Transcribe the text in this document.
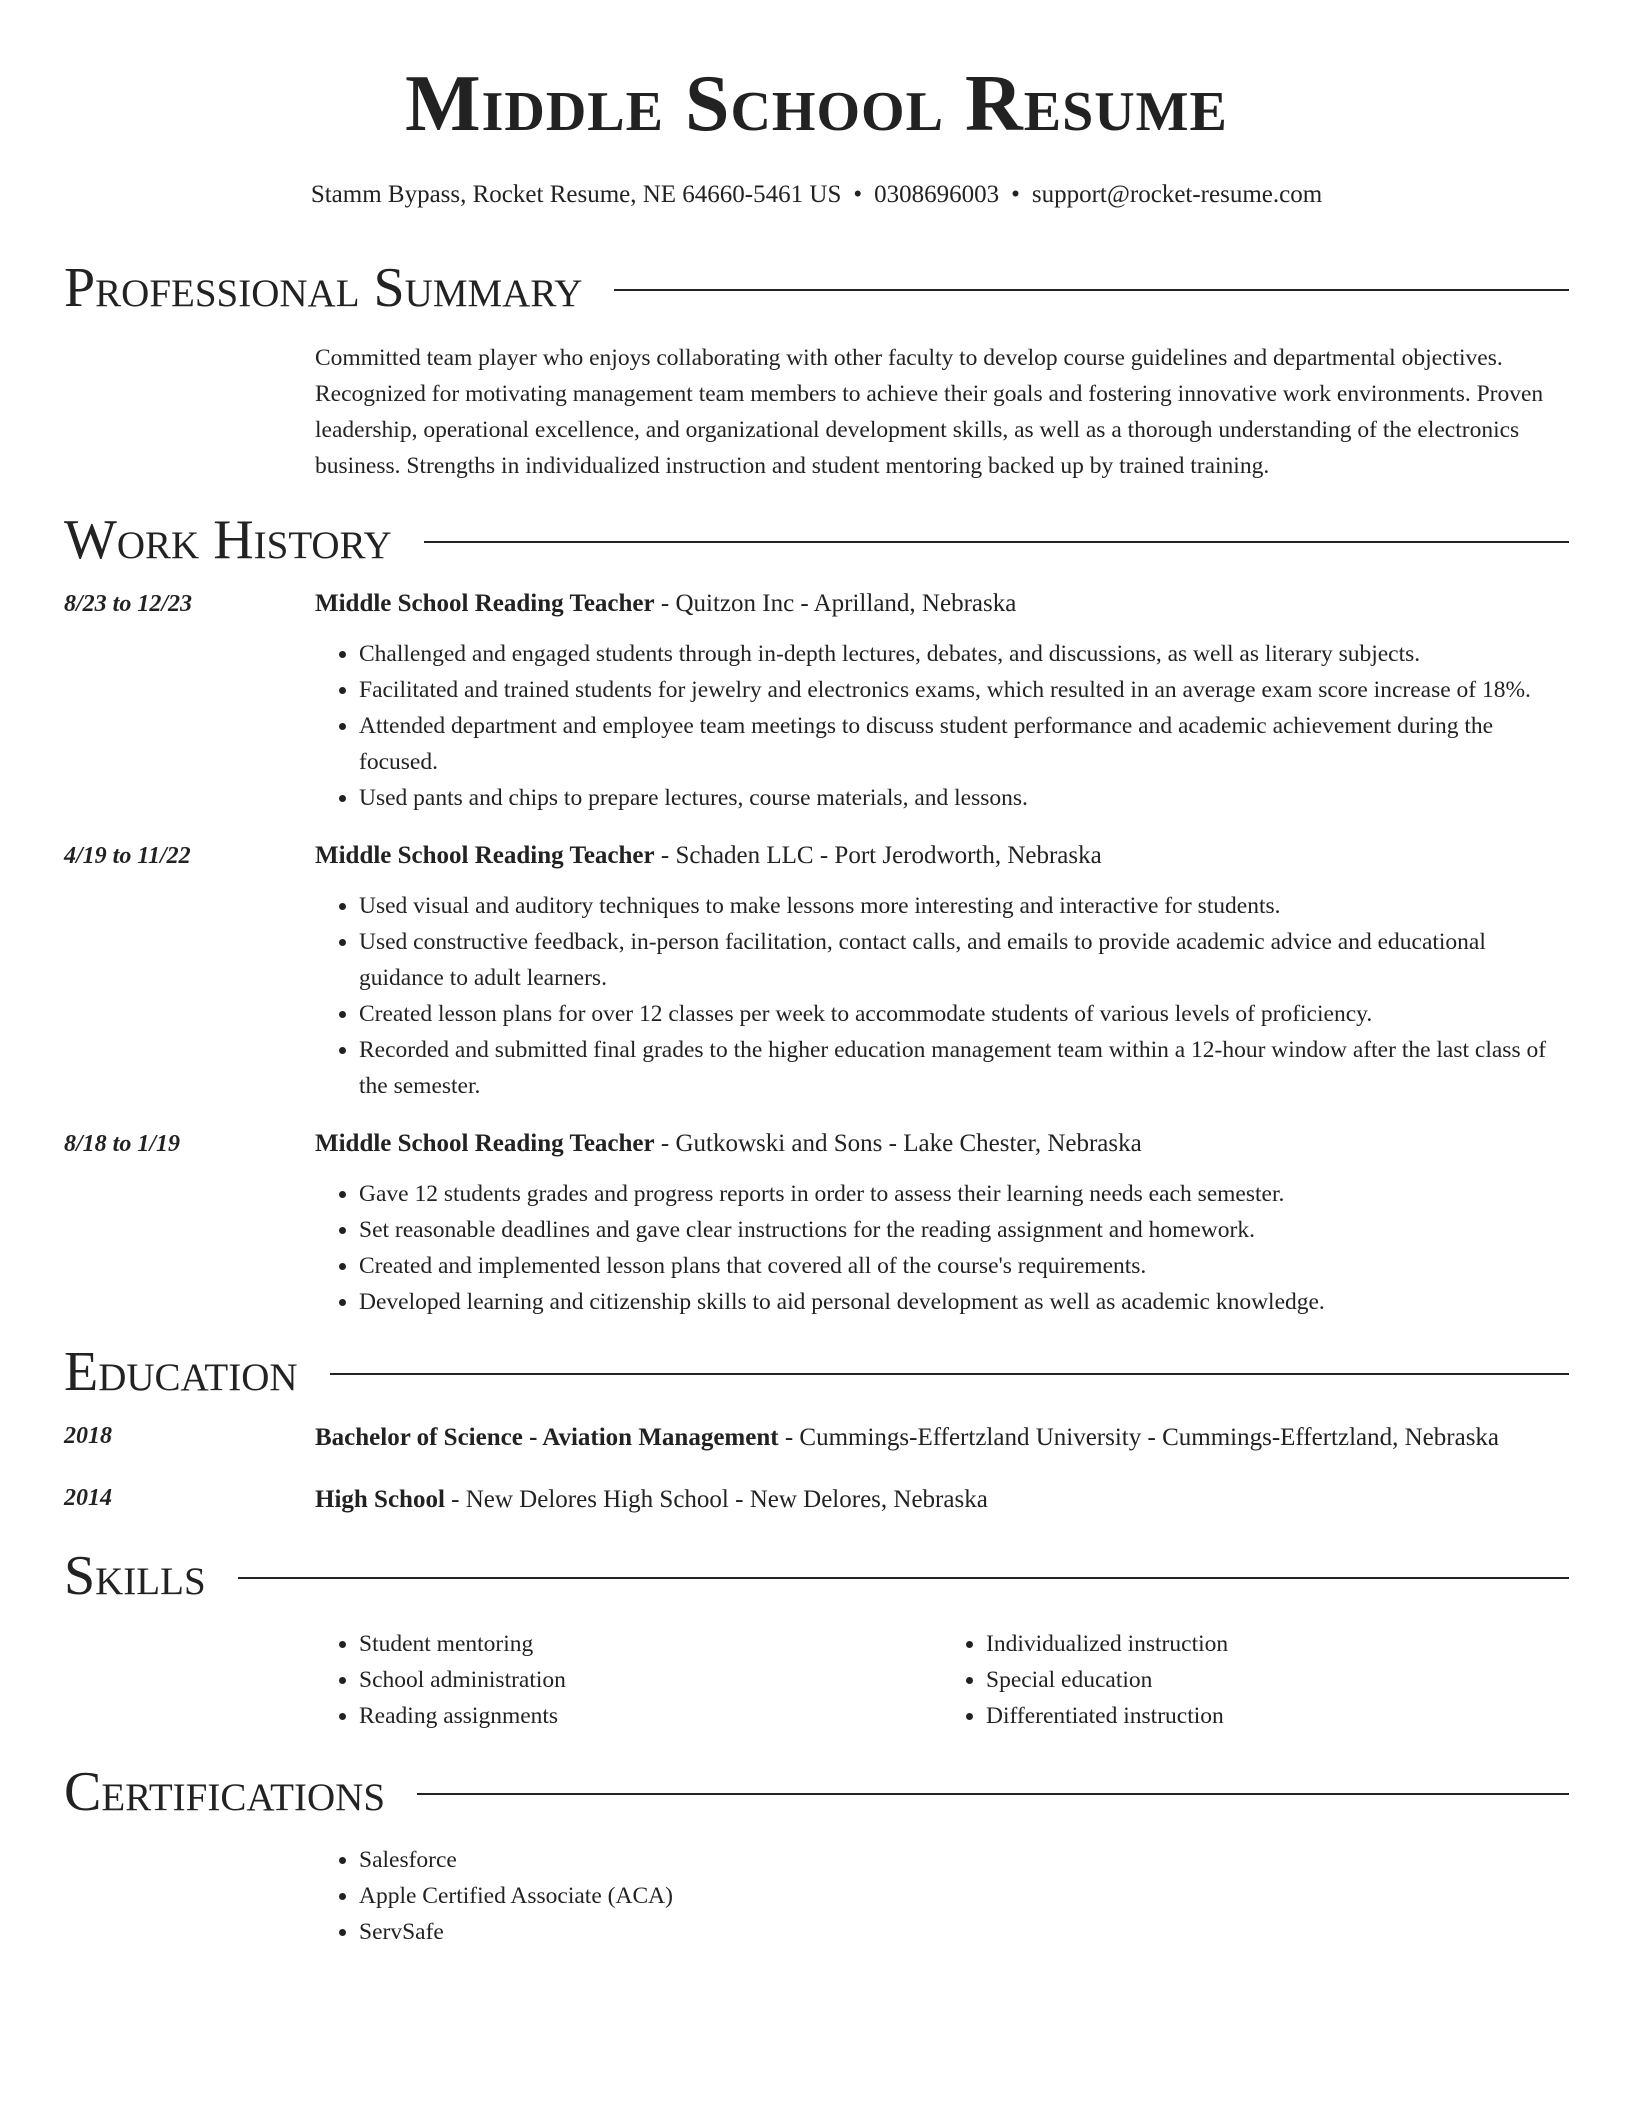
Middle School Resume
Stamm Bypass, Rocket Resume, NE 64660-5461 US • 0308696003 • support@rocket-resume.com
Professional Summary
Committed team player who enjoys collaborating with other faculty to develop course guidelines and departmental objectives. Recognized for motivating management team members to achieve their goals and fostering innovative work environments. Proven leadership, operational excellence, and organizational development skills, as well as a thorough understanding of the electronics business. Strengths in individualized instruction and student mentoring backed up by trained training.
Work History
8/23 to 12/23	Middle School Reading Teacher - Quitzon Inc - Aprilland, Nebraska
• Challenged and engaged students through in-depth lectures, debates, and discussions, as well as literary subjects.
• Facilitated and trained students for jewelry and electronics exams, which resulted in an average exam score increase of 18%.
• Attended department and employee team meetings to discuss student performance and academic achievement during the focused.
• Used pants and chips to prepare lectures, course materials, and lessons.
4/19 to 11/22	Middle School Reading Teacher - Schaden LLC - Port Jerodworth, Nebraska
• Used visual and auditory techniques to make lessons more interesting and interactive for students.
• Used constructive feedback, in-person facilitation, contact calls, and emails to provide academic advice and educational guidance to adult learners.
• Created lesson plans for over 12 classes per week to accommodate students of various levels of proficiency.
• Recorded and submitted final grades to the higher education management team within a 12-hour window after the last class of the semester.
8/18 to 1/19	Middle School Reading Teacher - Gutkowski and Sons - Lake Chester, Nebraska
• Gave 12 students grades and progress reports in order to assess their learning needs each semester.
• Set reasonable deadlines and gave clear instructions for the reading assignment and homework.
• Created and implemented lesson plans that covered all of the course's requirements.
• Developed learning and citizenship skills to aid personal development as well as academic knowledge.
Education
2018	Bachelor of Science - Aviation Management - Cummings-Effertzland University - Cummings-Effertzland, Nebraska
2014	High School - New Delores High School - New Delores, Nebraska
Skills
• Student mentoring
• School administration
• Reading assignments
• Individualized instruction
• Special education
• Differentiated instruction
Certifications
• Salesforce
• Apple Certified Associate (ACA)
• ServSafe
